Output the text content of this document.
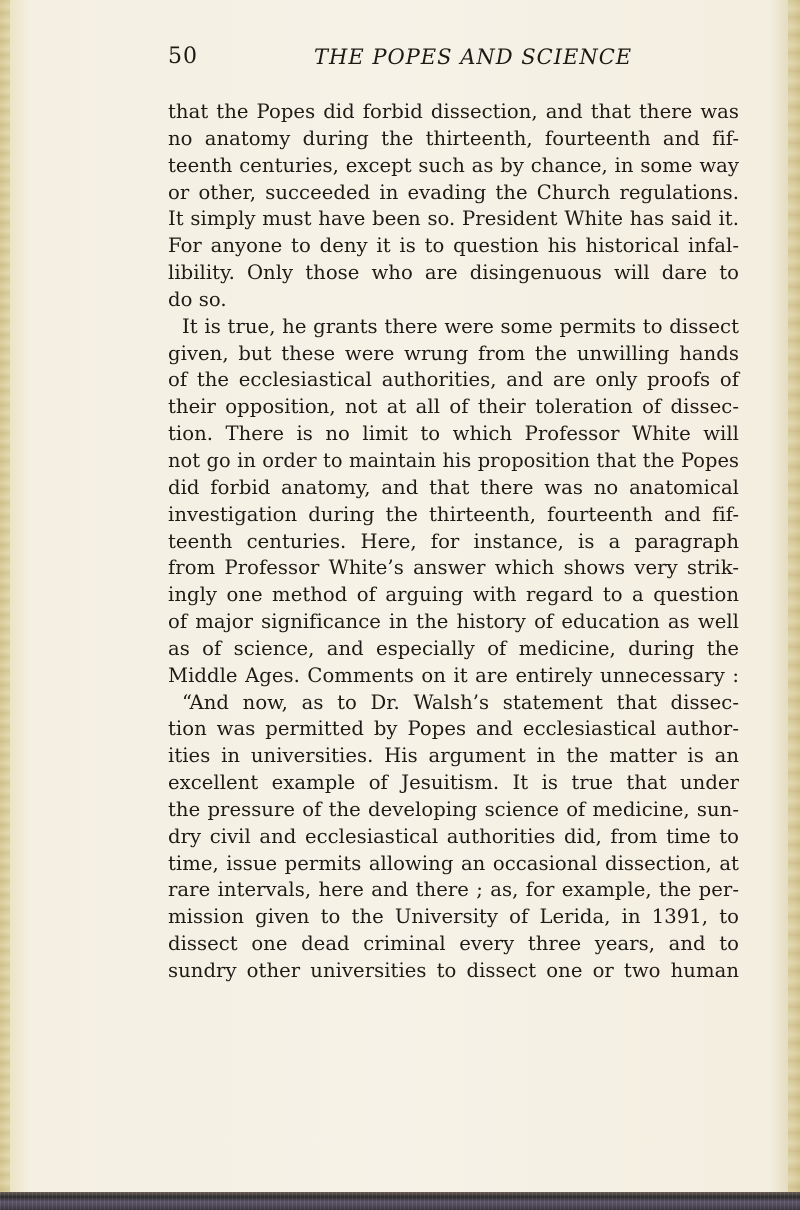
50	THE POPES AND SCIENCE
that the Popes did forbid dissection, and that there was
no anatomy during the thirteenth, fourteenth and fif-
teenth centuries, except such as by chance, in some way
or other, succeeded in evading the Church regulations.
It simply must have been so. President White has said it.
For anyone to deny it is to question his historical infal-
libility. Only those who are disingenuous will dare to
do so.
It is true, he grants there were some permits to dissect
given, but these were wrung from the unwilling hands
of the ecclesiastical authorities, and are only proofs of
their opposition, not at all of their toleration of dissec-
tion. There is no limit to which Professor White will
not go in order to maintain his proposition that the Popes
did forbid anatomy, and that there was no anatomical
investigation during the thirteenth, fourteenth and fif-
teenth centuries. Here, for instance, is a paragraph
from Professor White’s answer which shows very strik-
ingly one method of arguing with regard to a question
of major significance in the history of education as well
as of science, and especially of medicine, during the
Middle Ages. Comments on it are entirely unnecessary :
“And now, as to Dr. Walsh’s statement that dissec-
tion was permitted by Popes and ecclesiastical author-
ities in universities. His argument in the matter is an
excellent example of Jesuitism. It is true that under
the pressure of the developing science of medicine, sun-
dry civil and ecclesiastical authorities did, from time to
time, issue permits allowing an occasional dissection, at
rare intervals, here and there ; as, for example, the per-
mission given to the University of Lerida, in 1391, to
dissect one dead criminal every three years, and to
sundry other universities to dissect one or two human
